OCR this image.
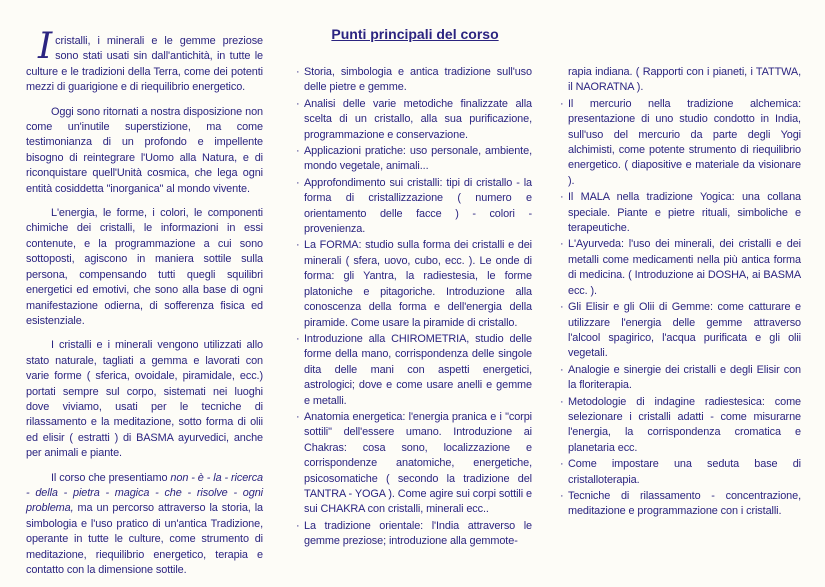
Punti principali del corso

Icristalli, i minerali e le gemme preziose sono stati usati sin dall'antichità, in tutte le culture e le tradizioni della Terra, come dei potenti mezzi di guarigione e di riequilibrio energetico.

Oggi sono ritornati a nostra disposizione non come un'inutile superstizione, ma come testimonianza di un profondo e impellente bisogno di reintegrare l'Uomo alla Natura, e di riconquistare quell'Unità cosmica, che lega ogni entità cosiddetta "inorganica" al mondo vivente.

L'energia, le forme, i colori, le componenti chimiche dei cristalli, le informazioni in essi contenute, e la programmazione a cui sono sottoposti, agiscono in maniera sottile sulla persona, compensando tutti quegli squilibri energetici ed emotivi, che sono alla base di ogni manifestazione odierna, di sofferenza fisica ed esistenziale.

I cristalli e i minerali vengono utilizzati allo stato naturale, tagliati a gemma e lavorati con varie forme ( sferica, ovoidale, piramidale, ecc.) portati sempre sul corpo, sistemati nei luoghi dove viviamo, usati per le tecniche di rilassamento e la meditazione, sotto forma di olii ed elisir ( estratti ) di BASMA ayurvedici, anche per animali e piante.

Il corso che presentiamo non - è - la - ricerca - della - pietra - magica - che - risolve - ogni problema, ma un percorso attraverso la storia, la simbologia e l'uso pratico di un'antica Tradizione, operante in tutte le culture, come strumento di meditazione, riequilibrio energetico, terapia e contatto con la dimensione sottile.

· Storia, simbologia e antica tradizione sull'uso delle pietre e gemme.

· Analisi delle varie metodiche finalizzate alla scelta di un cristallo, alla sua purificazione, programmazione e conservazione.

· Applicazioni pratiche: uso personale, ambiente, mondo vegetale, animali...

· Approfondimento sui cristalli: tipi di cristallo - la forma di cristallizzazione ( numero e orientamento delle facce ) - colori - provenienza.

· La FORMA: studio sulla forma dei cristalli e dei minerali ( sfera, uovo, cubo, ecc. ). Le onde di forma: gli Yantra, la radiestesia, le forme platoniche e pitagoriche. Introduzione alla conoscenza della forma e dell'energia della piramide. Come usare la piramide di cristallo.

· Introduzione alla CHIROMETRIA, studio delle forme della mano, corrispondenza delle singole dita delle mani con aspetti energetici, astrologici; dove e come usare anelli e gemme e metalli.

· Anatomia energetica: l'energia pranica e i "corpi sottili" dell'essere umano. Introduzione ai Chakras: cosa sono, localizzazione e corrispondenze anatomiche, energetiche, psicosomatiche ( secondo la tradizione del TANTRA - YOGA ). Come agire sui corpi sottili e sui CHAKRA con cristalli, minerali ecc..

· La tradizione orientale: l'India attraverso le gemme preziose; introduzione alla gemmote-

rapia indiana. ( Rapporti con i pianeti, i TATTWA, il NAORATNA ).

· Il mercurio nella tradizione alchemica: presentazione di uno studio condotto in India, sull'uso del mercurio da parte degli Yogi alchimisti, come potente strumento di riequilibrio energetico. ( diapositive e materiale da visionare ).

· Il MALA nella tradizione Yogica: una collana speciale. Piante e pietre rituali, simboliche e terapeutiche.

· L'Ayurveda: l'uso dei minerali, dei cristalli e dei metalli come medicamenti nella più antica forma di medicina. ( Introduzione ai DOSHA, ai BASMA ecc. ).

· Gli Elisir e gli Olii di Gemme: come catturare e utilizzare l'energia delle gemme attraverso l'alcool spagirico, l'acqua purificata e gli olii vegetali.

· Analogie e sinergie dei cristalli e degli Elisir con la floriterapia.

· Metodologie di indagine radiestesica: come selezionare i cristalli adatti - come misurarne l'energia, la corrispondenza cromatica e planetaria ecc.

· Come impostare una seduta base di cristalloterapia.

· Tecniche di rilassamento - concentrazione, meditazione e programmazione con i cristalli.
